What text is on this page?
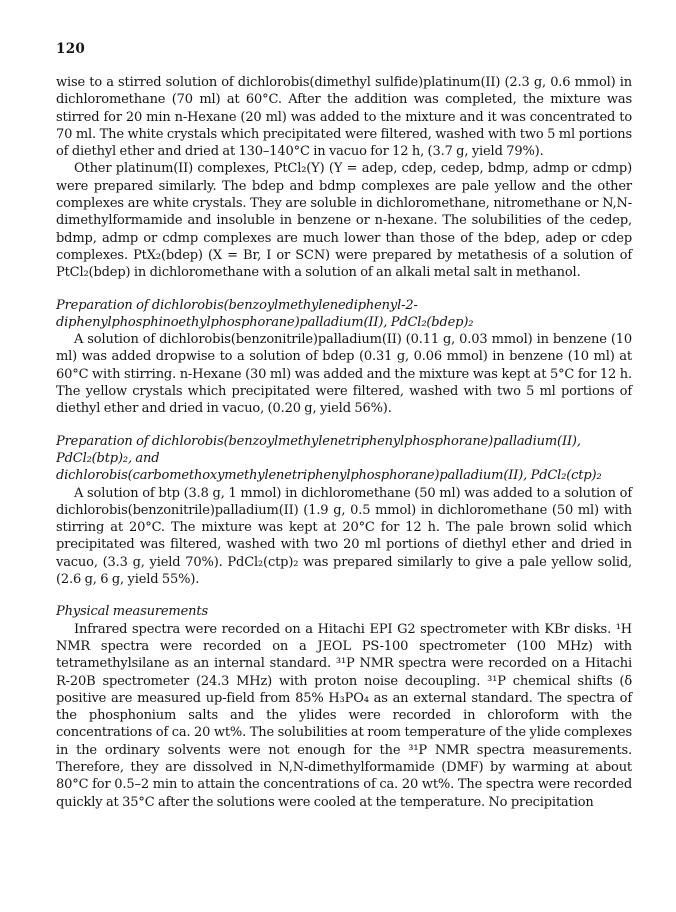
120

wise to a stirred solution of dichlorobis(dimethyl sulfide)platinum(II) (2.3 g, 0.6 mmol) in dichloromethane (70 ml) at 60°C. After the addition was completed, the mixture was stirred for 20 min n-Hexane (20 ml) was added to the mixture and it was concentrated to 70 ml. The white crystals which precipitated were filtered, washed with two 5 ml portions of diethyl ether and dried at 130–140°C in vacuo for 12 h, (3.7 g, yield 79%).

Other platinum(II) complexes, PtCl₂(Y) (Y = adep, cdep, cedep, bdmp, admp or cdmp) were prepared similarly. The bdep and bdmp complexes are pale yellow and the other complexes are white crystals. They are soluble in dichloromethane, nitromethane or N,N-dimethylformamide and insoluble in benzene or n-hexane. The solubilities of the cedep, bdmp, admp or cdmp complexes are much lower than those of the bdep, adep or cdep complexes. PtX₂(bdep) (X = Br, I or SCN) were prepared by metathesis of a solution of PtCl₂(bdep) in dichloromethane with a solution of an alkali metal salt in methanol.

Preparation of dichlorobis(benzoylmethylenediphenyl-2-diphenylphosphinoethylphosphorane)palladium(II), PdCl₂(bdep)₂

A solution of dichlorobis(benzonitrile)palladium(II) (0.11 g, 0.03 mmol) in benzene (10 ml) was added dropwise to a solution of bdep (0.31 g, 0.06 mmol) in benzene (10 ml) at 60°C with stirring. n-Hexane (30 ml) was added and the mixture was kept at 5°C for 12 h. The yellow crystals which precipitated were filtered, washed with two 5 ml portions of diethyl ether and dried in vacuo, (0.20 g, yield 56%).

Preparation of dichlorobis(benzoylmethylenetriphenylphosphorane)palladium(II), PdCl₂(btp)₂, and dichlorobis(carbomethoxymethylenetriphenylphosphorane)palladium(II), PdCl₂(ctp)₂

A solution of btp (3.8 g, 1 mmol) in dichloromethane (50 ml) was added to a solution of dichlorobis(benzonitrile)palladium(II) (1.9 g, 0.5 mmol) in dichloromethane (50 ml) with stirring at 20°C. The mixture was kept at 20°C for 12 h. The pale brown solid which precipitated was filtered, washed with two 20 ml portions of diethyl ether and dried in vacuo, (3.3 g, yield 70%). PdCl₂(ctp)₂ was prepared similarly to give a pale yellow solid, (2.6 g, 6 g, yield 55%).

Physical measurements

Infrared spectra were recorded on a Hitachi EPI G2 spectrometer with KBr disks. ¹H NMR spectra were recorded on a JEOL PS-100 spectrometer (100 MHz) with tetramethylsilane as an internal standard. ³¹P NMR spectra were recorded on a Hitachi R-20B spectrometer (24.3 MHz) with proton noise decoupling. ³¹P chemical shifts (δ positive are measured up-field from 85% H₃PO₄ as an external standard. The spectra of the phosphonium salts and the ylides were recorded in chloroform with the concentrations of ca. 20 wt%. The solubilities at room temperature of the ylide complexes in the ordinary solvents were not enough for the ³¹P NMR spectra measurements. Therefore, they are dissolved in N,N-dimethylformamide (DMF) by warming at about 80°C for 0.5–2 min to attain the concentrations of ca. 20 wt%. The spectra were recorded quickly at 35°C after the solutions were cooled at the temperature. No precipitation
